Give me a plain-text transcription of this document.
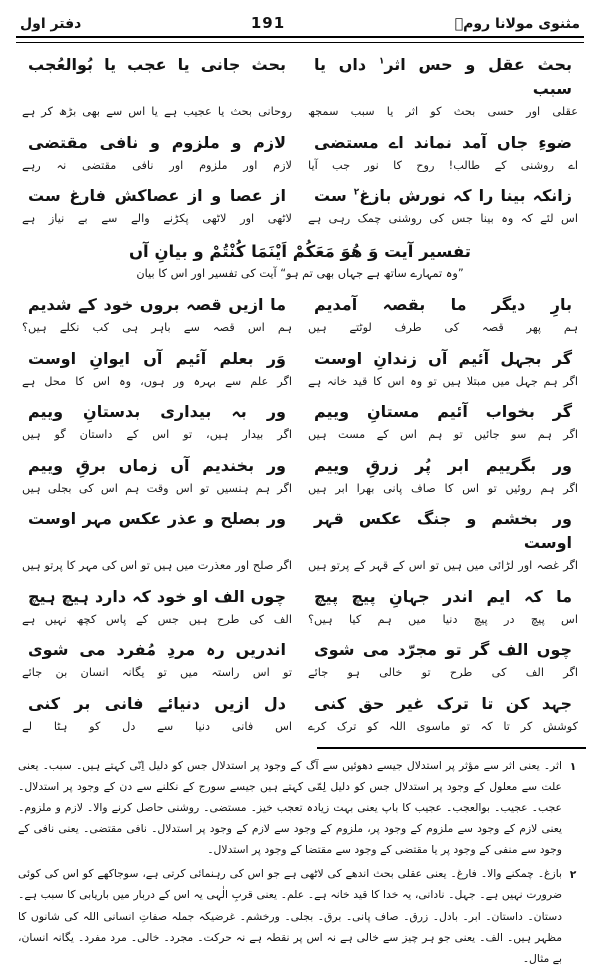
مثنوی مولانا رومؒ
191
دفتر اول
بحث عقل و حس اثر$^۱$ داں یا سبب
بحث جانی یا عجب یا بُوالعُجب
عقلی اور حسی بحث کو اثر یا سبب سمجھ
روحانی بحث یا عجیب ہے یا اس سے بھی بڑھ کر ہے
ضوءِ جاں آمد نماند اے مستضی
لازم و ملزوم و نافی مقتضی
اے روشنی کے طالب! روح کا نور جب آیا
لازم اور ملزوم اور نافی مقتضی نہ رہے
زانکہ بینا را کہ نورش بازغ$^۲$ ست
از عصا و از عصاکش فارغ ست
اس لئے کہ وہ بینا جس کی روشنی چمک رہی ہے
لاٹھی اور لاٹھی پکڑنے والے سے بے نیاز ہے
تفسیر آیت وَ هُوَ مَعَكُمْ اَیْنَمَا كُنْتُمْ و بیانِ آں
”وہ تمہارے ساتھ ہے جہاں بھی تم ہو“ آیت کی تفسیر اور اس کا بیان
بارِ دیگر ما بقصہ آمدیم
ما ازیں قصہ بروں خود کے شدیم
ہم پھر قصہ کی طرف لوٹتے ہیں
ہم اس قصہ سے باہر ہی کب نکلے ہیں؟
گر بجہل آئیم آں زندانِ اوست
وَر بعلم آئیم آں ایوانِ اوست
اگر ہم جہل میں مبتلا ہیں تو وہ اس کا قید خانہ ہے
اگر علم سے بہرہ ور ہوں، وہ اس کا محل ہے
گر بخواب آئیم مستانِ وییم
ور بہ بیداری بدستانِ وییم
اگر ہم سو جائیں تو ہم اس کے مست ہیں
اگر بیدار ہیں، تو اس کے داستان گو ہیں
ور بگرییم ابر پُر زرقِ وییم
ور بخندیم آں زماں برقِ وییم
اگر ہم روئیں تو اس کا صاف پانی بھرا ابر ہیں
اگر ہم ہنسیں تو اس وقت ہم اس کی بجلی ہیں
ور بخشم و جنگ عکس قہر اوست
ور بصلح و عذر عکس مہر اوست
اگر غصہ اور لڑائی میں ہیں تو اس کے قہر کے پرتو ہیں
اگر صلح اور معذرت میں ہیں تو اس کی مہر کا پرتو ہیں
ما کہ ایم اندر جہانِ پیچ پیچ
چوں الف او خود کہ دارد ہیچ ہیچ
اس پیچ در پیچ دنیا میں ہم کیا ہیں؟
الف کی طرح ہیں جس کے پاس کچھ نہیں ہے
چوں الف گر تو مجرّد می شوی
اندریں رہ مردِ مُفرد می شوی
اگر الف کی طرح تو خالی ہو جائے
تو اس راستہ میں تو یگانہ انسان بن جائے
جہد کن تا ترک غیر حق کنی
دل ازیں دنیائے فانی بر کنی
کوشش کر تا کہ تو ماسوی اللہ کو ترک کرے
اس فانی دنیا سے دل کو ہٹا لے
۱
اثر۔ یعنی اثر سے مؤثر پر استدلال جیسے دھوئیں سے آگ کے وجود پر استدلال جس کو دلیل اِنّی کہتے ہیں۔ سبب۔ یعنی علت سے معلول کے وجود پر استدلال جس کو دلیل لِمّی کہتے ہیں جیسے سورج کے نکلنے سے دن کے وجود پر استدلال۔ عجب۔ عجیب۔ بوالعجب۔ عجیب کا باپ یعنی بہت زیادہ تعجب خیز۔ مستضی۔ روشنی حاصل کرنے والا۔ لازم و ملزوم۔ یعنی لازم کے وجود سے ملزوم کے وجود پر، ملزوم کے وجود سے لازم کے وجود پر استدلال۔ نافی مقتضی۔ یعنی نافی کے وجود سے منفی کے وجود پر یا مقتضی کے وجود سے مقتضا کے وجود پر استدلال۔
۲
بازغ۔ چمکنے والا۔ فارغ۔ یعنی عقلی بحث اندھے کی لاٹھی ہے جو اس کی رہنمائی کرتی ہے، سوجاکھے کو اس کی کوئی ضرورت نہیں ہے۔ جہل۔ نادانی، یہ خدا کا قید خانہ ہے۔ علم۔ یعنی قربِ الٰہی یہ اس کے دربار میں باریابی کا سبب ہے۔ دستان۔ داستان۔ ابر۔ بادل۔ زرق۔ صاف پانی۔ برق۔ بجلی۔ ورخشم۔ غرضیکہ جملہ صفاتِ انسانی اللہ کی شانوں کا مظہر ہیں۔ الف۔ یعنی جو ہر چیز سے خالی ہے نہ اس پر نقطہ ہے نہ حرکت۔ مجرد۔ خالی۔ مرد مفرد۔ یگانہ انسان، بے مثال۔
